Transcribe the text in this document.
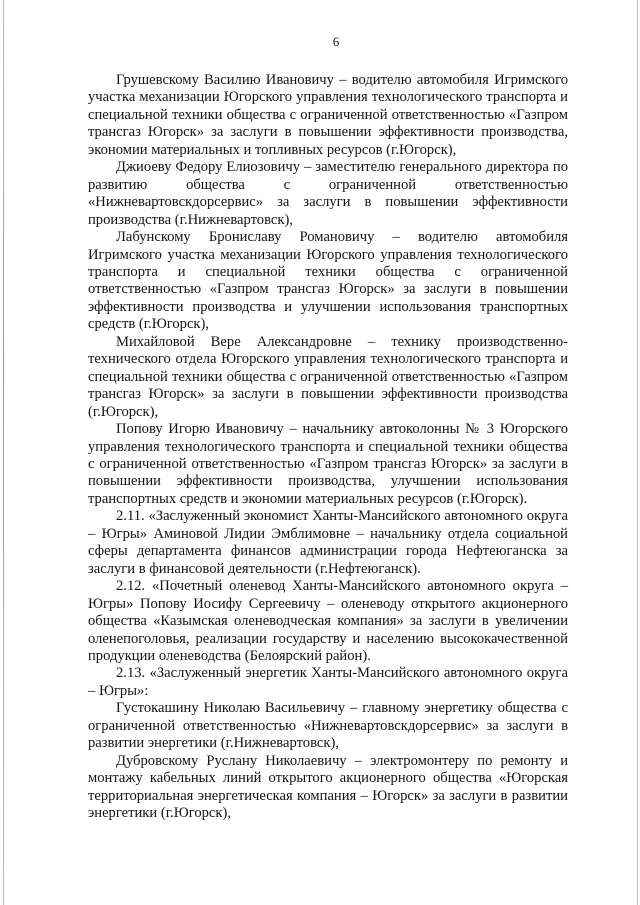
6

Грушевскому Василию Ивановичу – водителю автомобиля Игримского участка механизации Югорского управления технологического транспорта и специальной техники общества с ограниченной ответственностью «Газпром трансгаз Югорск» за заслуги в повышении эффективности производства, экономии материальных и топливных ресурсов (г.Югорск),

Джиоеву Федору Елиозовичу – заместителю генерального директора по развитию общества с ограниченной ответственностью «Нижневартовскдорсервис» за заслуги в повышении эффективности производства (г.Нижневартовск),

Лабунскому Брониславу Романовичу – водителю автомобиля Игримского участка механизации Югорского управления технологического транспорта и специальной техники общества с ограниченной ответственностью «Газпром трансгаз Югорск» за заслуги в повышении эффективности производства и улучшении использования транспортных средств (г.Югорск),

Михайловой Вере Александровне – технику производственно-технического отдела Югорского управления технологического транспорта и специальной техники общества с ограниченной ответственностью «Газпром трансгаз Югорск» за заслуги в повышении эффективности производства (г.Югорск),

Попову Игорю Ивановичу – начальнику автоколонны № 3 Югорского управления технологического транспорта и специальной техники общества с ограниченной ответственностью «Газпром трансгаз Югорск» за заслуги в повышении эффективности производства, улучшении использования транспортных средств и экономии материальных ресурсов (г.Югорск).

2.11. «Заслуженный экономист Ханты-Мансийского автономного округа – Югры» Аминовой Лидии Эмблимовне – начальнику отдела социальной сферы департамента финансов администрации города Нефтеюганска за заслуги в финансовой деятельности (г.Нефтеюганск).

2.12. «Почетный оленевод Ханты-Мансийского автономного округа – Югры» Попову Иосифу Сергеевичу – оленеводу открытого акционерного общества «Казымская оленеводческая компания» за заслуги в увеличении оленепоголовья, реализации государству и населению высококачественной продукции оленеводства (Белоярский район).

2.13. «Заслуженный энергетик Ханты-Мансийского автономного округа – Югры»:

Густокашину Николаю Васильевичу – главному энергетику общества с ограниченной ответственностью «Нижневартовскдорсервис» за заслуги в развитии энергетики (г.Нижневартовск),

Дубровскому Руслану Николаевичу – электромонтеру по ремонту и монтажу кабельных линий открытого акционерного общества «Югорская территориальная энергетическая компания – Югорск» за заслуги в развитии энергетики (г.Югорск),
